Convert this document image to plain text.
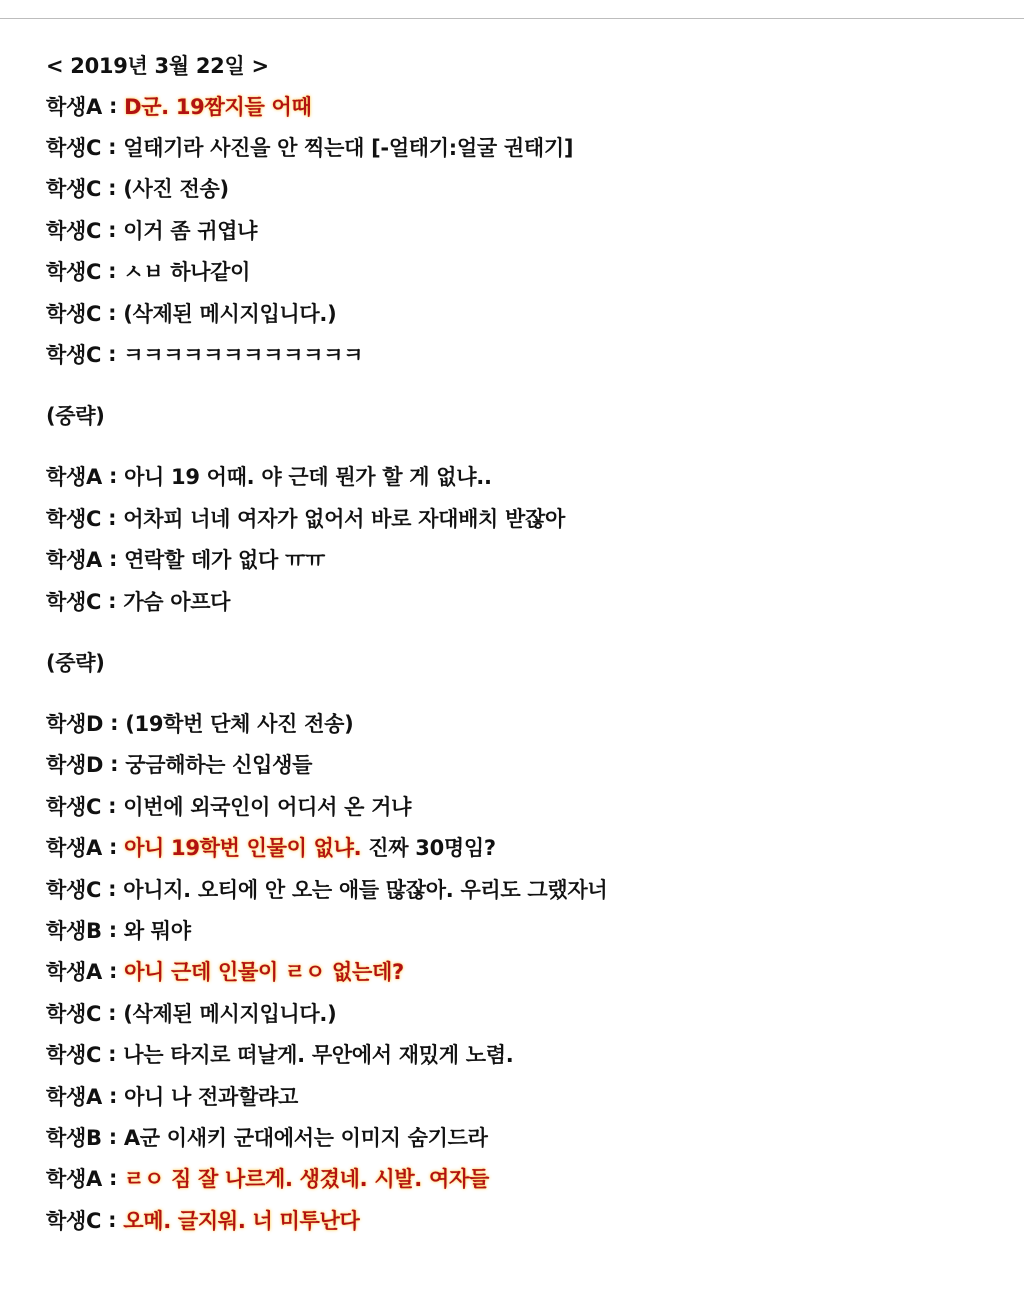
< 2019년 3월 22일 >
학생A : D군. 19짬지들 어때
학생C : 얼태기라 사진을 안 찍는대 [-얼태기:얼굴 권태기]
학생C : (사진 전송)
학생C : 이거 좀 귀엽냐
학생C : ㅅㅂ 하나같이
학생C : (삭제된 메시지입니다.)
학생C : ㅋㅋㅋㅋㅋㅋㅋㅋㅋㅋㅋㅋ
(중략)
학생A : 아니 19 어때. 야 근데 뭔가 할 게 없냐..
학생C : 어차피 너네 여자가 없어서 바로 자대배치 받잖아
학생A : 연락할 데가 없다 ㅠㅠ
학생C : 가슴 아프다
(중략)
학생D : (19학번 단체 사진 전송)
학생D : 궁금해하는 신입생들
학생C : 이번에 외국인이 어디서 온 거냐
학생A : 아니 19학번 인물이 없냐. 진짜 30명임?
학생C : 아니지. 오티에 안 오는 애들 많잖아. 우리도 그랬자너
학생B : 와 뭐야
학생A : 아니 근데 인물이 ㄹㅇ 없는데?
학생C : (삭제된 메시지입니다.)
학생C : 나는 타지로 떠날게. 무안에서 재밌게 노렴.
학생A : 아니 나 전과할랴고
학생B : A군 이새키 군대에서는 이미지 숨기드라
학생A : ㄹㅇ 짐 잘 나르게. 생겼네. 시발. 여자들
학생C : 오메. 글지워. 너 미투난다
